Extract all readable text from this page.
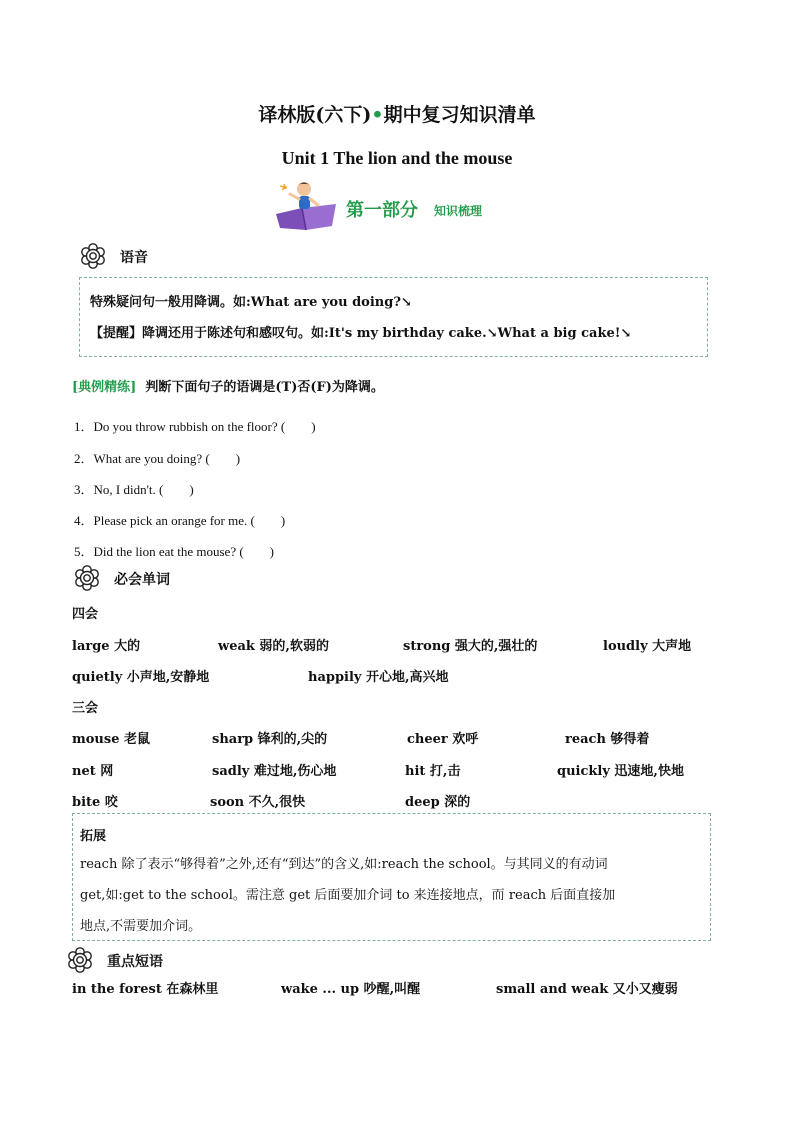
译林版(六下)•期中复习知识清单
Unit 1 The lion and the mouse
第一部分 知识梳理
语音
特殊疑问句一般用降调。如:What are you doing?↘
【提醒】降调还用于陈述句和感叹句。如:It's my birthday cake.↘What a big cake!↘
[典例精练] 判断下面句子的语调是(T)否(F)为降调。
1．Do you throw rubbish on the floor? (　　)
2．What are you doing? (　　)
3．No, I didn't. (　　)
4．Please pick an orange for me. (　　)
5．Did the lion eat the mouse? (　　)
必会单词
四会
large 大的	weak 弱的,软弱的	strong 强大的,强壮的	loudly 大声地
quietly 小声地,安静地	happily 开心地,高兴地
三会
mouse 老鼠	sharp 锋利的,尖的	cheer 欢呼	reach 够得着
net 网	sadly 难过地,伤心地	hit 打,击	quickly 迅速地,快地
bite 咬	soon 不久,很快	deep 深的
拓展
reach 除了表示“够得着”之外,还有“到达”的含义,如:reach the school。与其同义的有动词
get,如:get to the school。需注意 get 后面要加介词 to 来连接地点，而 reach 后面直接加
地点,不需要加介词。
重点短语
in the forest 在森林里	wake ... up 吵醒,叫醒	small and weak 又小又瘦弱
